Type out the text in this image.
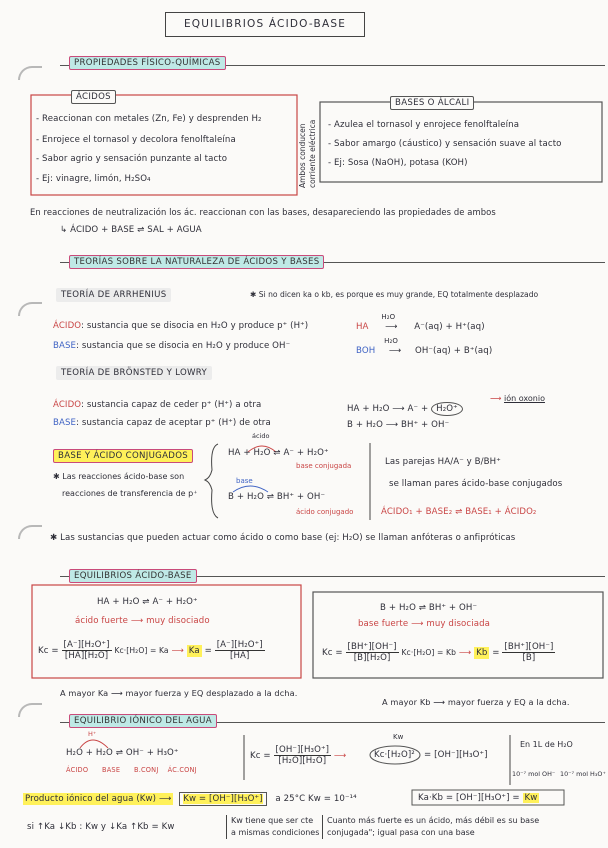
EQUILIBRIOS ÁCIDO-BASE
PROPIEDADES FÍSICO-QUÍMICAS
ÁCIDOS
- Reaccionan con metales (Zn, Fe) y desprenden H₂
- Enrojece el tornasol y decolora fenolftaleína
- Sabor agrio y sensación punzante al tacto
- Ej: vinagre, limón, H₂SO₄	Ambos conducen corriente eléctrica
BASES O ÁLCALI
- Azulea el tornasol y enrojece fenolftaleína
- Sabor amargo (cáustico) y sensación suave al tacto
- Ej: Sosa (NaOH), potasa (KOH)
En reacciones de neutralización los ác. reaccionan con las bases, desapareciendo las propiedades de ambos
↳ ÁCIDO + BASE ⇌ SAL + AGUA
TEORÍAS SOBRE LA NATURALEZA DE ÁCIDOS Y BASES
TEORÍA DE ARRHENIUS	✱ Si no dicen ka o kb, es porque es muy grande, EQ totalmente desplazado
ÁCIDO: sustancia que se disocia en H₂O y produce p⁺ (H⁺)
BASE: sustancia que se disocia en H₂O y produce OH⁻
HA
H₂O
⟶ A⁻(aq) + H⁺(aq)
BOH
H₂O
⟶ OH⁻(aq) + B⁺(aq)
TEORÍA DE BRÖNSTED Y LOWRY
ÁCIDO: sustancia capaz de ceder p⁺ (H⁺) a otra
BASE: sustancia capaz de aceptar p⁺ (H⁺) de otra
HA + H₂O ⟶ A⁻ + H₂O⁺
⟶ ión oxonio
B + H₂O ⟶ BH⁺ + OH⁻
BASE Y ÁCIDO CONJUGADOS
✱ Las reacciones ácido-base son
reacciones de transferencia de p⁺
ácido
HA + H₂O ⇌ A⁻ + H₂O⁺
base conjugada
base
B + H₂O ⇌ BH⁺ + OH⁻
ácido conjugado
Las parejas HA/A⁻ y B/BH⁺
se llaman pares ácido-base conjugados
ÁCIDO₁ + BASE₂ ⇌ BASE₁ + ÁCIDO₂
✱ Las sustancias que pueden actuar como ácido o como base (ej: H₂O) se llaman anfóteras o anfipróticas
EQUILIBRIOS ÁCIDO-BASE
HA + H₂O ⇌ A⁻ + H₂O⁺
ácido fuerte ⟶ muy disociado
$Kc = \frac{\text{[A⁻][H₂O⁺]}}{\text{[HA][H₂O]}} Kc\cdot[H_2O] = Ka$ ⟶ $Ka = \frac{\text{[A⁻][H₂O⁺]}}{[HA]}$
A mayor Ka ⟶ mayor fuerza y EQ desplazado a la dcha.
B + H₂O ⇌ BH⁺ + OH⁻
base fuerte ⟶ muy disociada
$Kc = \frac{[BH^+][OH^-]}{\text{[B][H₂O]}} Kc\cdot[H_2O] = Kb$ ⟶ $Kb = \frac{[BH^+][OH^-]}{[B]}$
A mayor Kb ⟶ mayor fuerza y EQ a la dcha.
EQUILIBRIO IÓNICO DEL AGUA
H⁺
H₂O + H₂O ⇌ OH⁻ + H₃O⁺
ÁCIDO BASE B.CONJ ÁC.CONJ
$Kc = \frac{\text{[OH⁻][H₃O⁺]}}{\text{[H₂O][H₂O]}}$ ⟶
Kw
Kc·[H₂O]² = [OH⁻][H₃O⁺]
En 1L de H₂O
10⁻⁷ mol OH⁻ 10⁻⁷ mol H₃O⁺
Producto iónico del agua (Kw) ⟶ Kw = [OH⁻][H₃O⁺] a 25°C Kw = 10⁻¹⁴	Ka·Kb = [OH⁻][H₃O⁺] = Kw
si ↑Ka ↓Kb : Kw y ↓Ka ↑Kb = Kw
Kw tiene que ser cte
a mismas condiciones
Cuanto más fuerte es un ácido, más débil es su base
conjugada"; igual pasa con una base
